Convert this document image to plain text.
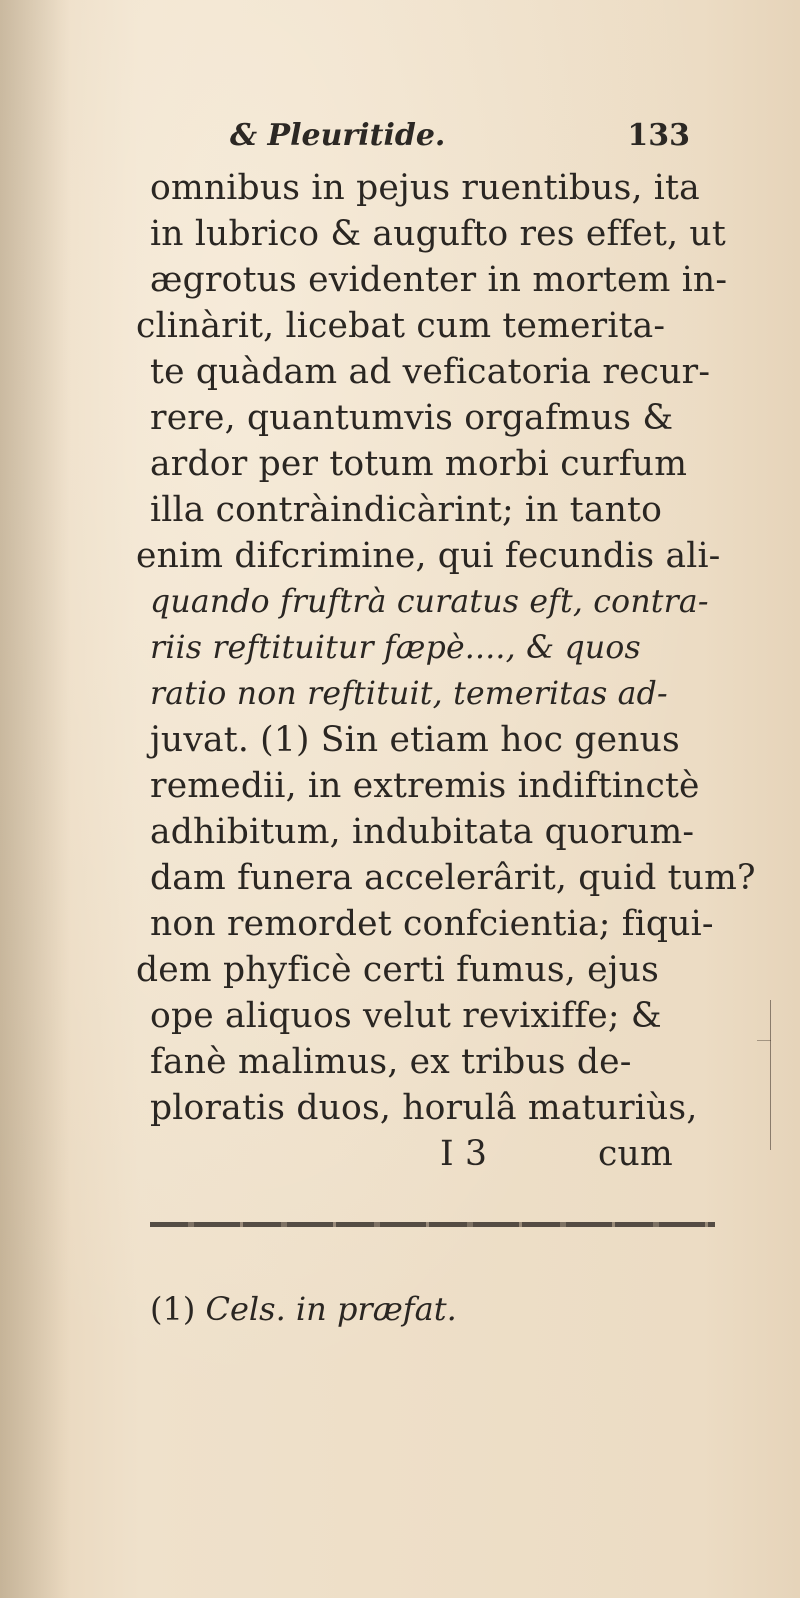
& Pleuritide.	133
omnibus in pejus ruentibus, ita
in lubrico & augufto res effet, ut
ægrotus evidenter in mortem in-
clinàrit, licebat cum temerita-
te quàdam ad veficatoria recur-
rere, quantumvis orgafmus &
ardor per totum morbi curfum
illa contràindicàrint; in tanto
enim difcrimine, qui fecundis ali-
quando fruftrà curatus eft, contra-
riis reftituitur fæpè...., & quos
ratio non reftituit, temeritas ad-
juvat. (1) Sin etiam hoc genus
remedii, in extremis indiftinctè
adhibitum, indubitata quorum-
dam funera accelerârit, quid tum?
non remordet confcientia; fiqui-
dem phyficè certi fumus, ejus
ope aliquos velut revixiffe; &
fanè malimus, ex tribus de-
ploratis duos, horulâ maturiùs,
I 3	cum
(1) Cels. in præfat.
